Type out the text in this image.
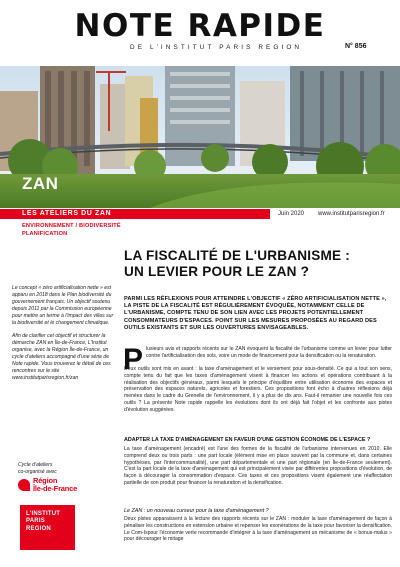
NOTE RAPIDE
DE L'INSTITUT PARIS REGION	N° 856
ZAN
LES ATELIERS DU ZAN	Juin 2020 www.institutparisregion.fr
ENVIRONNEMENT / BIODIVERSITÉ
PLANIFICATION
LA FISCALITÉ DE L'URBANISME :
UN LEVIER POUR LE ZAN ?
PARMI LES RÉFLEXIONS POUR ATTEINDRE L'OBJECTIF « ZÉRO ARTIFICIALISATION NETTE », LA PISTE DE LA FISCALITÉ EST RÉGULIÈREMENT ÉVOQUÉE, NOTAMMENT CELLE DE L'URBANISME, COMPTE TENU DE SON LIEN AVEC LES PROJETS POTENTIELLEMENT CONSOMMATEURS D'ESPACES. POINT SUR LES MESURES PROPOSÉES AU REGARD DES OUTILS EXISTANTS ET SUR LES OUVERTURES ENVISAGEABLES.
P lusieurs avis et rapports récents sur le ZAN évoquent la fiscalité de l'urbanisme comme un levier pour lutter contre l'artificialisation des sols, voire un mode de financement pour la densification ou la renaturation.
Deux outils sont mis en avant : la taxe d'aménagement et le versement pour sous-densité. Ce qui a tout son sens, compte tenu du fait que les taxes d'aménagement visent à financer les actions et opérations contribuant à la réalisation des objectifs généraux, parmi lesquels le principe d'équilibre entre utilisation économe des espaces et préservation des espaces naturels, agricoles et forestiers. Ces propositions font écho à d'autres réflexions déjà menées dans le cadre du Grenelle de l'environnement, il y a plus de dix ans. Faut-il remanier une nouvelle fois ces outils ? La présente Note rapide rappelle les évolutions dont ils ont déjà fait l'objet et les confronte aux pistes d'évolution suggérées.
ADAPTER LA TAXE D'AMÉNAGEMENT EN FAVEUR D'UNE GESTION ÉCONOME DE L'ESPACE ?
La taxe d'aménagement (encadré) est l'une des formes de la fiscalité de l'urbanisme intervenues en 2010. Elle comprend deux ou trois parts : une part locale (élément mise en place souvent par la commune et, dans certaines hypothèses, par l'intercommunalité), une part départementale et une part régionale (en Île-de-France seulement). C'est la part locale de la taxe d'aménagement qui est principalement visée par différentes propositions d'évolution, de façon à décourager la consommation d'espace. Ces taxes et ces propositions visent également une réaffectation partielle de son produit pour financer la renaturation et la densification.
Le ZAN : un nouveau curseur pour la taxe d'aménagement ?
Deux pistes apparaissent à la lecture des rapports récents sur le ZAN : moduler la taxe d'aménagement de façon à pénaliser les constructions en extension urbaine et repenser les exonérations de la taxe pour favoriser la densification. Le Com-Ispour l'économie verte recommande d'intégrer à la taxe d'aménagement un mécanisme de « bonus-malus » pour décourager le mitage

Le concept « zéro artificialisation nette » est apparu en 2018 dans le Plan biodiversité du gouvernement français. Un objectif soutenu depuis 2011 par la Commission européenne pour mettre un terme à l'impact des villes sur la biodiversité et le changement climatique.

Afin de clarifier cet objectif et structurer la démarche ZAN en Île-de-France, L'Institut organise, avec la Région Île-de-France, un cycle d'ateliers accompagné d'une série de Note rapide. Vous trouverez le détail de ces rencontres sur le site www.institutparisregion.fr/zan

Cycle d'ateliers
co-organisé avec
Région
Île-de-France
L'INSTITUT
PARIS
REGION
